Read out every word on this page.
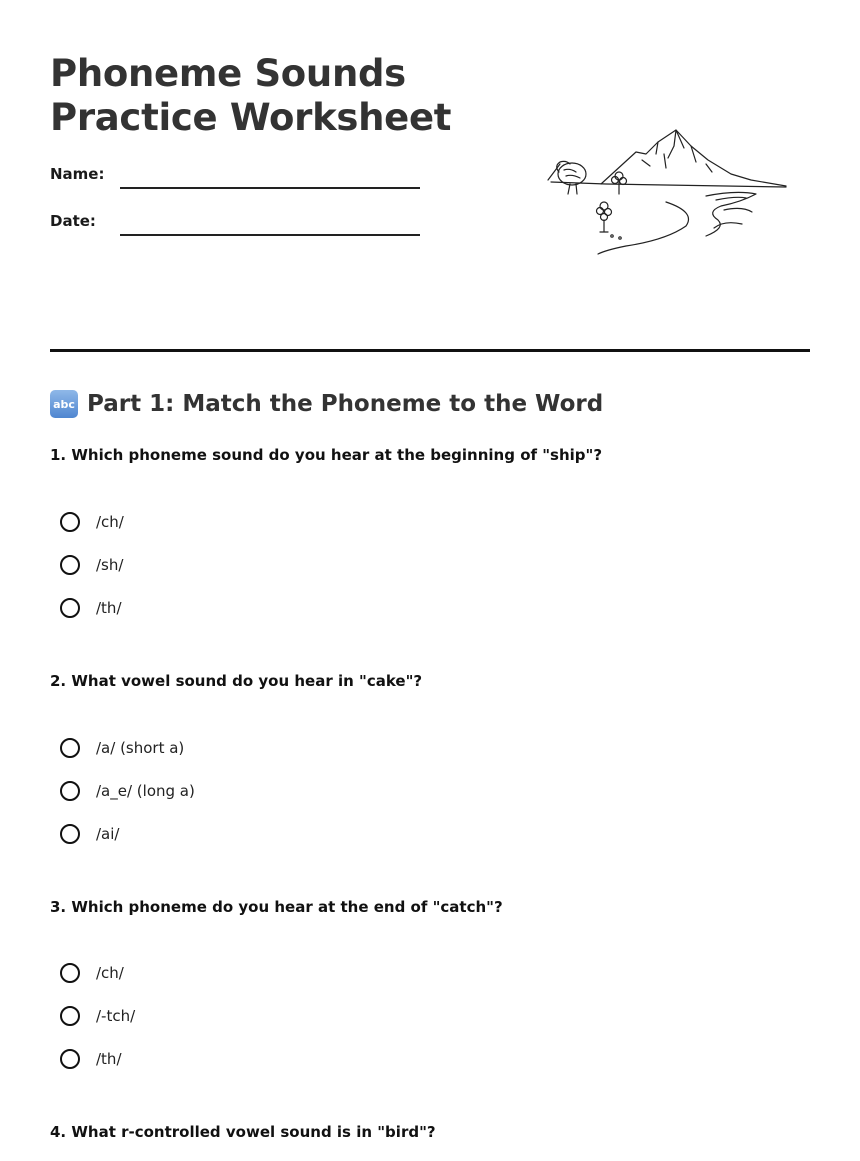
Phoneme Sounds
Practice Worksheet
Name:
Date:
abc Part 1: Match the Phoneme to the Word
1. Which phoneme sound do you hear at the beginning of "ship"?
/ch/
/sh/
/th/
2. What vowel sound do you hear in "cake"?
/a/ (short a)
/a_e/ (long a)
/ai/
3. Which phoneme do you hear at the end of "catch"?
/ch/
/-tch/
/th/
4. What r-controlled vowel sound is in "bird"?
